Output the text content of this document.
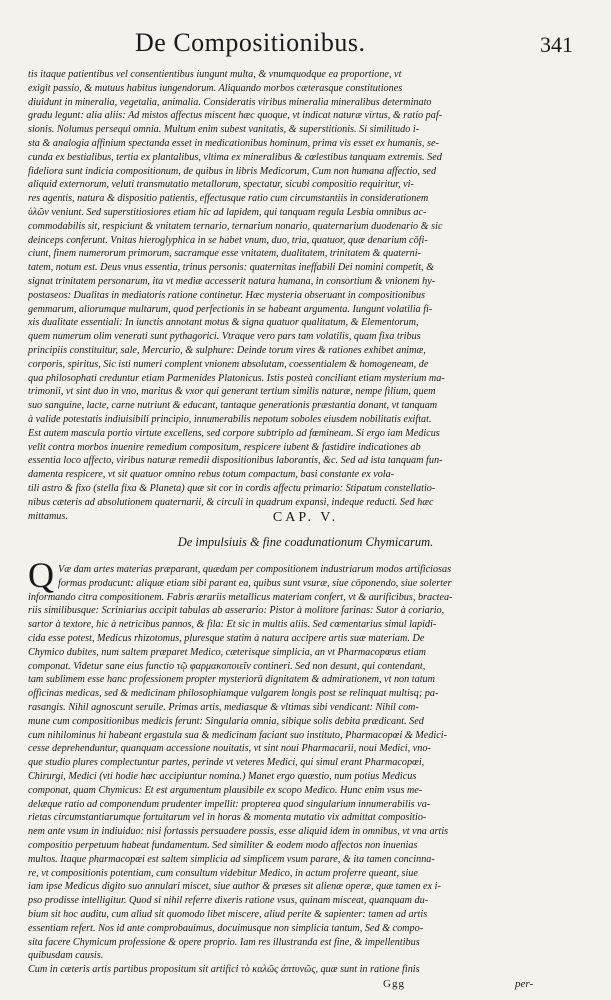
De Compositionibus.	341
tis itaque patientibus vel consentientibus iungunt multa, & vnumquodque ea proportione, vt
exigit passio, & mutuus habitus iungendorum. Aliquando morbos cæterasque constitutiones
diuidunt in mineralia, vegetalia, animalia. Consideratis viribus mineralia mineralibus determinato
gradu legunt: alia aliis: Ad mistos affectus miscent hæc quoque, vt indicat naturæ virtus, & ratio paf-
sionis. Nolumus persequi omnia. Multum enim subest vanitatis, & superstitionis. Si similitudo i-
sta & analogia affinium spectanda esset in medicationibus hominum, prima vis esset ex humanis, se-
cunda ex bestialibus, tertia ex plantalibus, vltima ex mineralibus & cœlestibus tanquam extremis. Sed
fideliora sunt indicia compositionum, de quibus in libris Medicorum, Cum non humana affectio, sed
aliquid externorum, veluti transmutatio metallorum, spectatur, sicubi compositio requiritur, vi-
res agentis, natura & dispositio patientis, effectusque ratio cum circumstantiis in considerationem
ὑλῶν veniunt. Sed superstitiosiores etiam hîc ad lapidem, qui tanquam regula Lesbia omnibus ac-
commodabilis sit, respiciunt & vnitatem ternario, ternarium nonario, quaternarium duodenario & sic
deinceps conferunt. Vnitas hieroglyphica in se habet vnum, duo, tria, quatuor, quæ denarium cōfi-
ciunt, finem numerorum primorum, sacramque esse vnitatem, dualitatem, trinitatem & quaterni-
tatem, notum est. Deus vnus essentia, trinus personis: quaternitas ineffabili Dei nomini competit, &
signat trinitatem personarum, ita vt mediæ accesserit natura humana, in consortium & vnionem hy-
postaseos: Dualitas in mediatoris ratione continetur. Hæc mysteria obseruant in compositionibus
gemmarum, aliorumque multarum, quod perfectionis in se habeant argumenta. Iungunt volatilia fi-
xis dualitate essentiali: In iunctis annotant motus & signa quatuor qualitatum, & Elementorum,
quem numerum olim venerati sunt pythagorici. Vtraque vero pars tam volatilis, quam fixa tribus
principiis constituitur, sale, Mercurio, & sulphure: Deinde torum vires & rationes exhibet animæ,
corporis, spiritus, Sic isti numeri complent vnionem absolutam, coessentialem & homogeneam, de
qua philosophati creduntur etiam Parmenides Platonicus. Istis posteà conciliant etiam mysterium ma-
trimonii, vt sint duo in vno, maritus & vxor qui generant tertium similis naturæ, nempe filium, quem
suo sanguine, lacte, carne nutriunt & educant, tantaque generationis præstantia donant, vt tanquam
à valide potestatis indiuisibili principio, innumerabilis nepotum soboles eiusdem nobilitatis exiftat.
Est autem mascula portio virtute excellens, sed corpore subtriplo ad fœmineam. Si ergo iam Medicus
velit contra morbos inuenire remedium compositum, respicere iubent & fastidire indicationes ab
essentia loco affecto, viribus naturæ remedii dispositionibus laborantis, &c. Sed ad ista tanquam fun-
damenta respicere, vt sit quatuor omnino rebus totum compactum, basi constante ex vola-
tili astro & fixo (stella fixa & Planeta) quæ sit cor in cordis affectu primario: Stipatum constellatio-
nibus cæteris ad absolutionem quaternarii, & circuli in quadrum expansi, indeque reducti. Sed hæc
mittamus.	CAP. V.
De impulsiuis & fine coadunationum Chymicarum.
Q Væ dam artes materias præparant, quædam per compositionem industriarum modos artificiosas
formas producunt: aliquæ etiam sibi parant ea, quibus sunt vsuræ, siue cōponendo, siue solerter
informando citra compositionem. Fabris ærariis metallicus materiam confert, vt & aurificibus, bractea-
riis similibusque: Scriniarius accipit tabulas ab asserario: Pistor à molitore farinas: Sutor à coriario,
sartor à textore, hic à netricibus pannos, & fila: Et sic in multis aliis. Sed cœmentarius simul lapidi-
cida esse potest, Medicus rhizotomus, pluresque statim à natura accipere artis suæ materiam. De
Chymico dubites, num saltem præparet Medico, cæterisque simplicia, an vt Pharmacopœus etiam
componat. Videtur sane eius functio τῷ φαρμακοποιεῖν contineri. Sed non desunt, qui contendant,
tam sublimem esse hanc professionem propter mysteriorū dignitatem & admirationem, vt non tatum
officinas medicas, sed & medicinam philosophiamque vulgarem longis post se relinquat multisq; pa-
rasangis. Nihil agnoscunt seruile. Primas artis, mediasque & vltimas sibi vendicant: Nihil com-
mune cum compositionibus medicis ferunt: Singularia omnia, sibique solis debita prædicant. Sed
cum nihilominus hi habeant ergastula sua & medicinam faciant suo instituto, Pharmacopœi & Medici-
cesse deprehenduntur, quanquam accessione nouitatis, vt sint noui Pharmacarii, noui Medici, vno-
que studio plures complectuntur partes, perinde vt veteres Medici, qui simul erant Pharmacopœi,
Chirurgi, Medici (vti hodie hæc accipiuntur nomina.) Manet ergo quæstio, num potius Medicus
componat, quam Chymicus: Et est argumentum plausibile ex scopo Medico. Hunc enim vsus me-
delæque ratio ad componendum prudenter impellit: propterea quod singularium innumerabilis va-
rietas circumstantiarumque fortuitarum vel in horas & momenta mutatio vix admittat compositio-
nem ante vsum in indiuiduo: nisi fortassis persuadere possis, esse aliquid idem in omnibus, vt vna artis
compositio perpetuum habeat fundamentum. Sed similiter & eodem modo affectos non inuenias
multos. Itaque pharmacopœi est saltem simplicia ad simplicem vsum parare, & ita tamen concinna-
re, vt compositionis potentiam, cum consultum videbitur Medico, in actum proferre queant, siue
iam ipse Medicus digito suo annulari miscet, siue author & præses sit alienæ operæ, quæ tamen ex i-
pso prodisse intelligitur. Quod si nihil referre dixeris ratione vsus, quinam misceat, quanquam du-
bium sit hoc auditu, cum aliud sit quomodo libet miscere, aliud perite & sapienter: tamen ad artis
essentiam refert. Nos id ante comprobauimus, docuimusque non simplicia tantum, Sed & compo-
sita facere Chymicum professione & opere proprio. Iam res illustranda est fine, & impellentibus
quibusdam causis.
Cum in cæteris artis partibus propositum sit artifici τὸ καλῶς ἀπτυνῶς, quæ sunt in ratione finis
Ggg	per-
